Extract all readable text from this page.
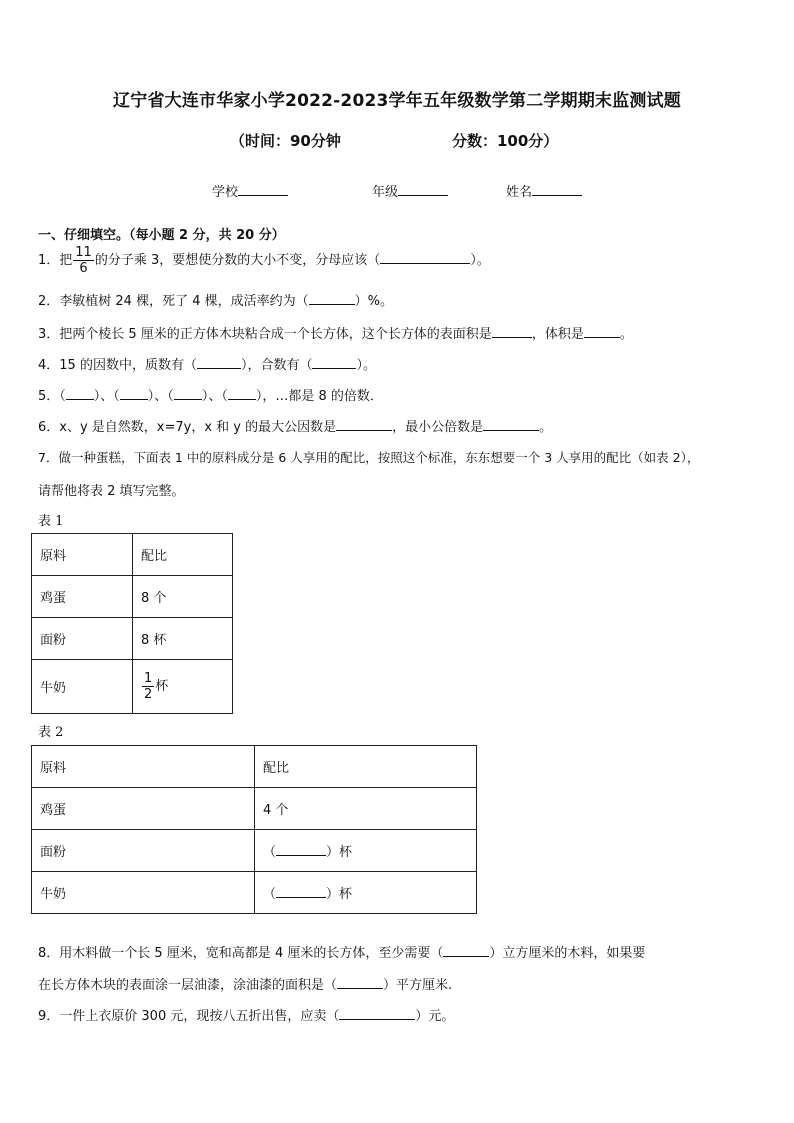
辽宁省大连市华家小学2022-2023学年五年级数学第二学期期末监测试题
（时间：90分钟	分数：100分）
学校	年级	姓名
一、仔细填空。（每小题 2 分，共 20 分）
1．把 $\frac{11}{6}$ 的分子乘 3，要想使分数的大小不变，分母应该（	）。
2．李敏植树 24 棵，死了 4 棵，成活率约为（	）%。
3．把两个棱长 5 厘米的正方体木块粘合成一个长方体，这个长方体的表面积是	，体积是	。
4．15 的因数中，质数有（	），合数有（	）。
5．（ ）、（ ）、（ ）、（ ），…都是 8 的倍数．
6．x、y 是自然数，x=7y，x 和 y 的最大公因数是	，最小公倍数是	。
7．做一种蛋糕，下面表 1 中的原料成分是 6 人享用的配比，按照这个标准，东东想要一个 3 人享用的配比（如表 2），
请帮他将表 2 填写完整。
表 1
原料	配比
鸡蛋	8 个
面粉	8 杯
牛奶	$\frac{1}{2}$ 杯
表 2
原料	配比
鸡蛋	4 个
面粉	（ ）杯
牛奶	（ ）杯
8．用木料做一个长 5 厘米，宽和高都是 4 厘米的长方体，至少需要（	）立方厘米的木料，如果要
在长方体木块的表面涂一层油漆，涂油漆的面积是（	）平方厘米.
9．一件上衣原价 300 元，现按八五折出售，应卖（	）元。
